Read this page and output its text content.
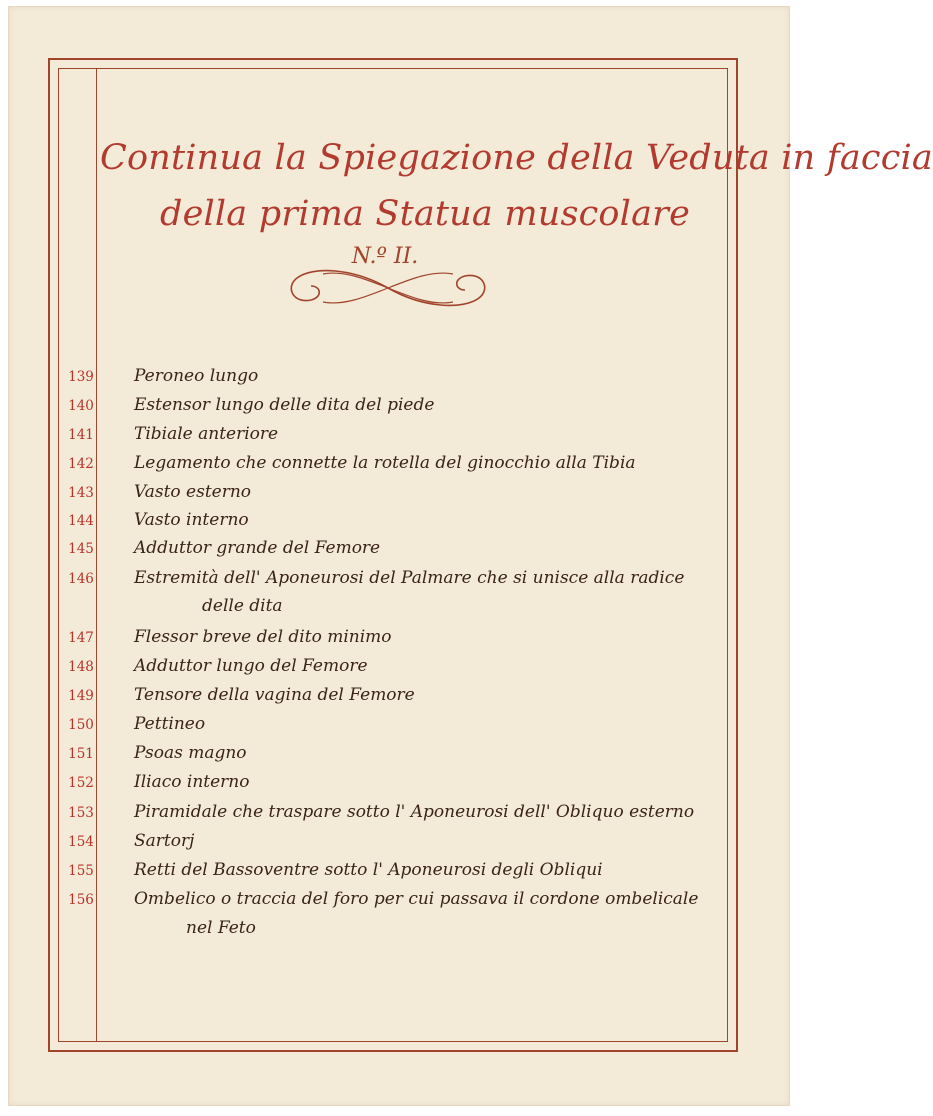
Continua la Spiegazione della Veduta in faccia
della prima Statua muscolare
N.º II.
139	Peroneo lungo
140	Estensor lungo delle dita del piede
141	Tibiale anteriore
142	Legamento che connette la rotella del ginocchio alla Tibia
143	Vasto esterno
144	Vasto interno
145	Adduttor grande del Femore
146	Estremità dell' Aponeurosi del Palmare che si unisce alla radice
delle dita
147	Flessor breve del dito minimo
148	Adduttor lungo del Femore
149	Tensore della vagina del Femore
150	Pettineo
151	Psoas magno
152	Iliaco interno
153	Piramidale che traspare sotto l' Aponeurosi dell' Obliquo esterno
154	Sartorj
155	Retti del Bassoventre sotto l' Aponeurosi degli Obliqui
156	Ombelico o traccia del foro per cui passava il cordone ombelicale
nel Feto
